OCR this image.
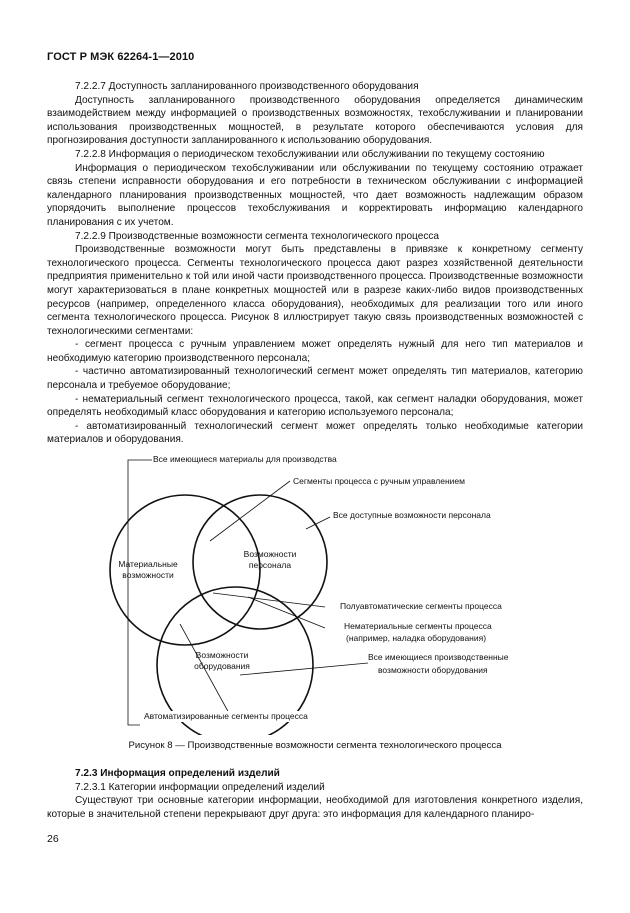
ГОСТ Р МЭК 62264-1—2010

7.2.2.7 Доступность запланированного производственного оборудования

Доступность запланированного производственного оборудования определяется динамическим взаимодействием между информацией о производственных возможностях, техобслуживании и планировании использования производственных мощностей, в результате которого обеспечиваются условия для прогнозирования доступности запланированного к использованию оборудования.

7.2.2.8 Информация о периодическом техобслуживании или обслуживании по текущему состоянию

Информация о периодическом техобслуживании или обслуживании по текущему состоянию отражает связь степени исправности оборудования и его потребности в техническом обслуживании с информацией календарного планирования производственных мощностей, что дает возможность надлежащим образом упорядочить выполнение процессов техобслуживания и корректировать информацию календарного планирования с их учетом.

7.2.2.9 Производственные возможности сегмента технологического процесса

Производственные возможности могут быть представлены в привязке к конкретному сегменту технологического процесса. Сегменты технологического процесса дают разрез хозяйственной деятельности предприятия применительно к той или иной части производственного процесса. Производственные возможности могут характеризоваться в плане конкретных мощностей или в разрезе каких-либо видов производственных ресурсов (например, определенного класса оборудования), необходимых для реализации того или иного сегмента технологического процесса. Рисунок 8 иллюстрирует такую связь производственных возможностей с технологическими сегментами:

- сегмент процесса с ручным управлением может определять нужный для него тип материалов и необходимую категорию производственного персонала;

- частично автоматизированный технологический сегмент может определять тип материалов, категорию персонала и требуемое оборудование;

- нематериальный сегмент технологического процесса, такой, как сегмент наладки оборудования, может определять необходимый класс оборудования и категорию используемого персонала;

- автоматизированный технологический сегмент может определять только необходимые категории материалов и оборудования.

Все имеющиеся материалы для производства
Сегменты процесса с ручным управлением
Все доступные возможности персонала
Материальные возможности
Возможности персонала
Полуавтоматические сегменты процесса
Нематериальные сегменты процесса
(например, наладка оборудования)
Возможности оборудования
Все имеющиеся производственные
возможности оборудования
Автоматизированные сегменты процесса
Рисунок 8 — Производственные возможности сегмента технологического процесса

7.2.3 Информация определений изделий

7.2.3.1 Категории информации определений изделий

Существуют три основные категории информации, необходимой для изготовления конкретного изделия, которые в значительной степени перекрывают друг друга: это информация для календарного планиро-

26
